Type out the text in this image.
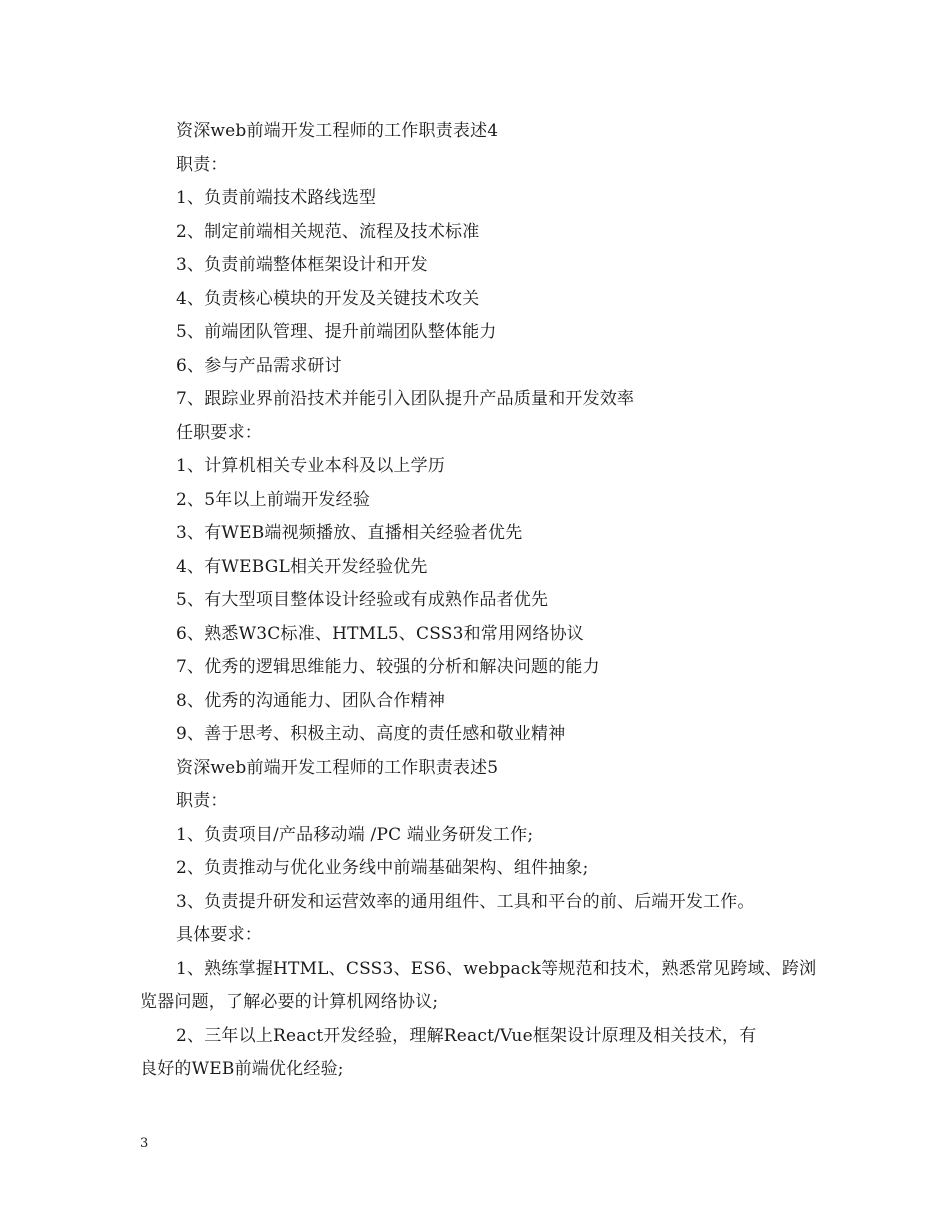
资深web前端开发工程师的工作职责表述4
职责：
1、负责前端技术路线选型
2、制定前端相关规范、流程及技术标准
3、负责前端整体框架设计和开发
4、负责核心模块的开发及关键技术攻关
5、前端团队管理、提升前端团队整体能力
6、参与产品需求研讨
7、跟踪业界前沿技术并能引入团队提升产品质量和开发效率
任职要求：
1、计算机相关专业本科及以上学历
2、5年以上前端开发经验
3、有WEB端视频播放、直播相关经验者优先
4、有WEBGL相关开发经验优先
5、有大型项目整体设计经验或有成熟作品者优先
6、熟悉W3C标准、HTML5、CSS3和常用网络协议
7、优秀的逻辑思维能力、较强的分析和解决问题的能力
8、优秀的沟通能力、团队合作精神
9、善于思考、积极主动、高度的责任感和敬业精神
资深web前端开发工程师的工作职责表述5
职责：
1、负责项目/产品移动端 /PC 端业务研发工作;
2、负责推动与优化业务线中前端基础架构、组件抽象;
3、负责提升研发和运营效率的通用组件、工具和平台的前、后端开发工作。
具体要求：
1、熟练掌握HTML、CSS3、ES6、webpack等规范和技术，熟悉常见跨域、跨浏
览器问题，了解必要的计算机网络协议;
2、三年以上React开发经验，理解React/Vue框架设计原理及相关技术，有
良好的WEB前端优化经验;
3
